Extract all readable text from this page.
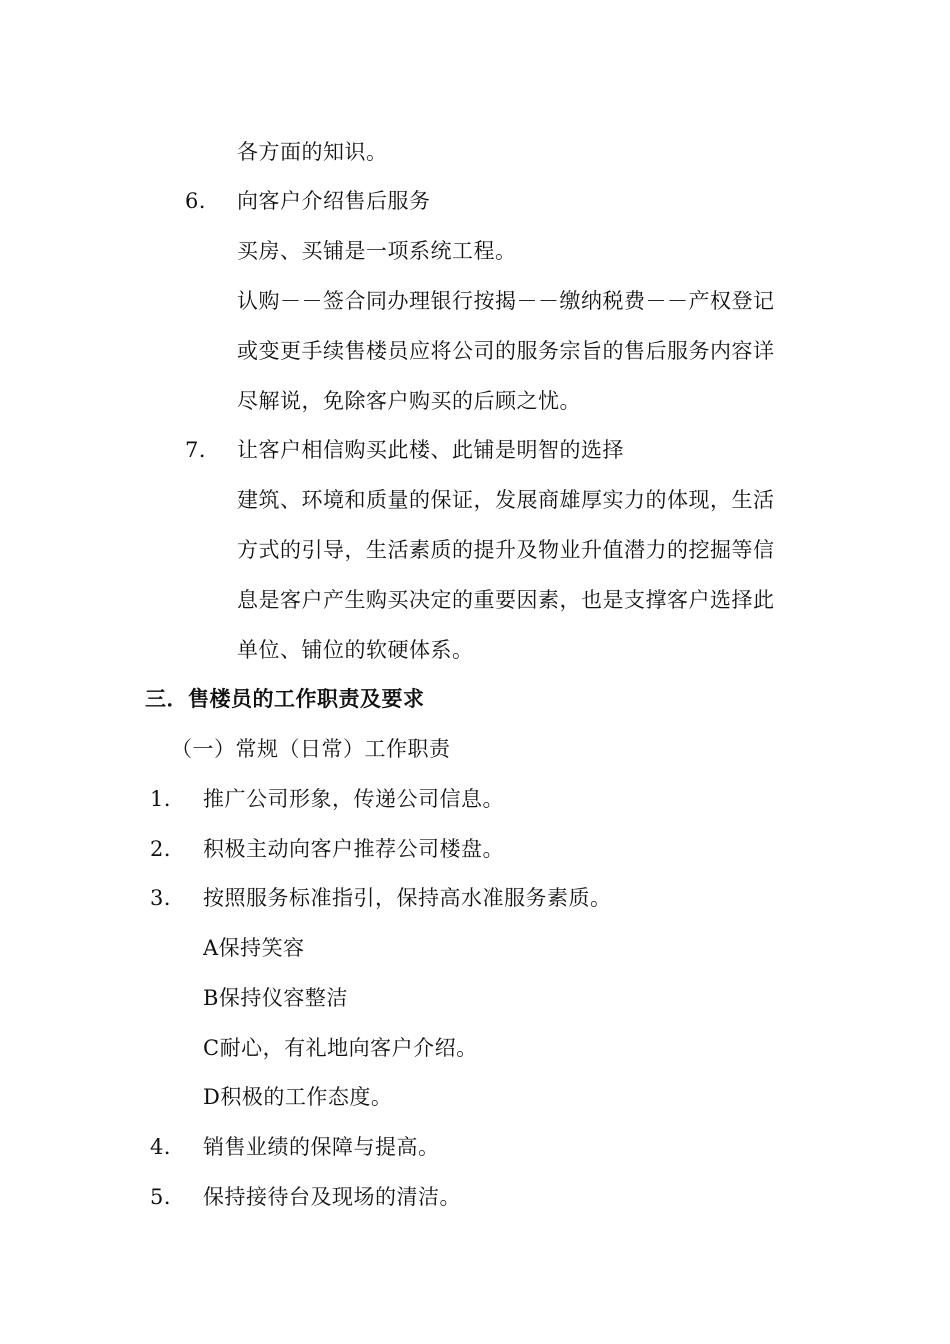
各方面的知识。
6． 向客户介绍售后服务
买房、买铺是一项系统工程。
认购－－签合同办理银行按揭－－缴纳税费－－产权登记
或变更手续售楼员应将公司的服务宗旨的售后服务内容详
尽解说，免除客户购买的后顾之忧。
7． 让客户相信购买此楼、此铺是明智的选择
建筑、环境和质量的保证，发展商雄厚实力的体现，生活
方式的引导，生活素质的提升及物业升值潜力的挖掘等信
息是客户产生购买决定的重要因素，也是支撑客户选择此
单位、铺位的软硬体系。
三．售楼员的工作职责及要求
（一）常规（日常）工作职责
1． 推广公司形象，传递公司信息。
2． 积极主动向客户推荐公司楼盘。
3． 按照服务标准指引，保持高水准服务素质。
A保持笑容
B保持仪容整洁
C耐心，有礼地向客户介绍。
D积极的工作态度。
4． 销售业绩的保障与提高。
5． 保持接待台及现场的清洁。
